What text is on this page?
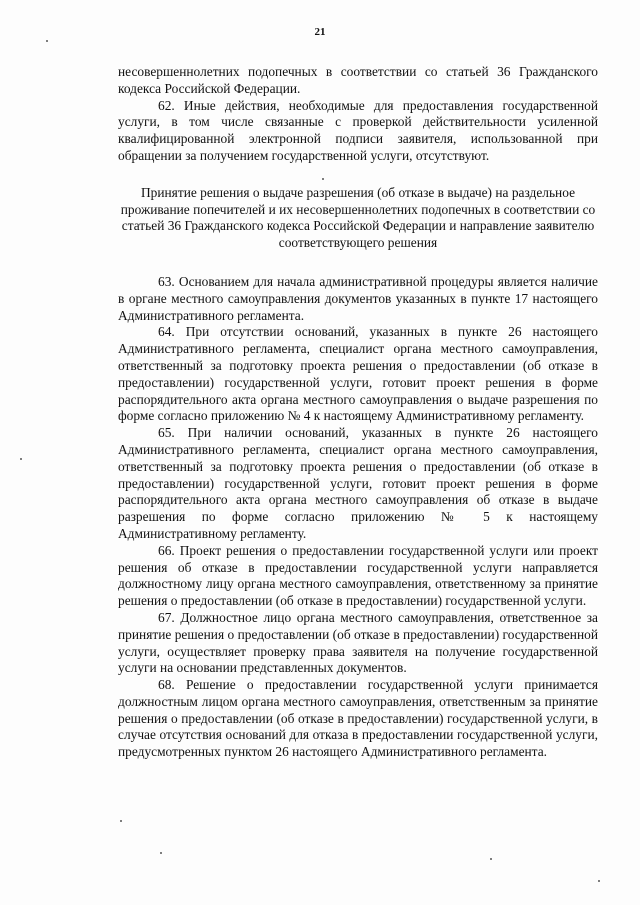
21

несовершеннолетних подопечных в соответствии со статьей 36 Гражданского кодекса Российской Федерации.

62. Иные действия, необходимые для предоставления государственной услуги, в том числе связанные с проверкой действительности усиленной квалифицированной электронной подписи заявителя, использованной при обращении за получением государственной услуги, отсутствуют.

Принятие решения о выдаче разрешения (об отказе в выдаче) на раздельное проживание попечителей и их несовершеннолетних подопечных в соответствии со статьей 36 Гражданского кодекса Российской Федерации и направление заявителю соответствующего решения

63. Основанием для начала административной процедуры является наличие в органе местного самоуправления документов указанных в пункте 17 настоящего Административного регламента.

64. При отсутствии оснований, указанных в пункте 26 настоящего Административного регламента, специалист органа местного самоуправления, ответственный за подготовку проекта решения о предоставлении (об отказе в предоставлении) государственной услуги, готовит проект решения в форме распорядительного акта органа местного самоуправления о выдаче разрешения по форме согласно приложению № 4 к настоящему Административному регламенту.

65. При наличии оснований, указанных в пункте 26 настоящего Административного регламента, специалист органа местного самоуправления, ответственный за подготовку проекта решения о предоставлении (об отказе в предоставлении) государственной услуги, готовит проект решения в форме распорядительного акта органа местного самоуправления об отказе в выдаче разрешения по форме согласно приложению № 5 к настоящему Административному регламенту.

66. Проект решения о предоставлении государственной услуги или проект решения об отказе в предоставлении государственной услуги направляется должностному лицу органа местного самоуправления, ответственному за принятие решения о предоставлении (об отказе в предоставлении) государственной услуги.

67. Должностное лицо органа местного самоуправления, ответственное за принятие решения о предоставлении (об отказе в предоставлении) государственной услуги, осуществляет проверку права заявителя на получение государственной услуги на основании представленных документов.

68. Решение о предоставлении государственной услуги принимается должностным лицом органа местного самоуправления, ответственным за принятие решения о предоставлении (об отказе в предоставлении) государственной услуги, в случае отсутствия оснований для отказа в предоставлении государственной услуги, предусмотренных пунктом 26 настоящего Административного регламента.
